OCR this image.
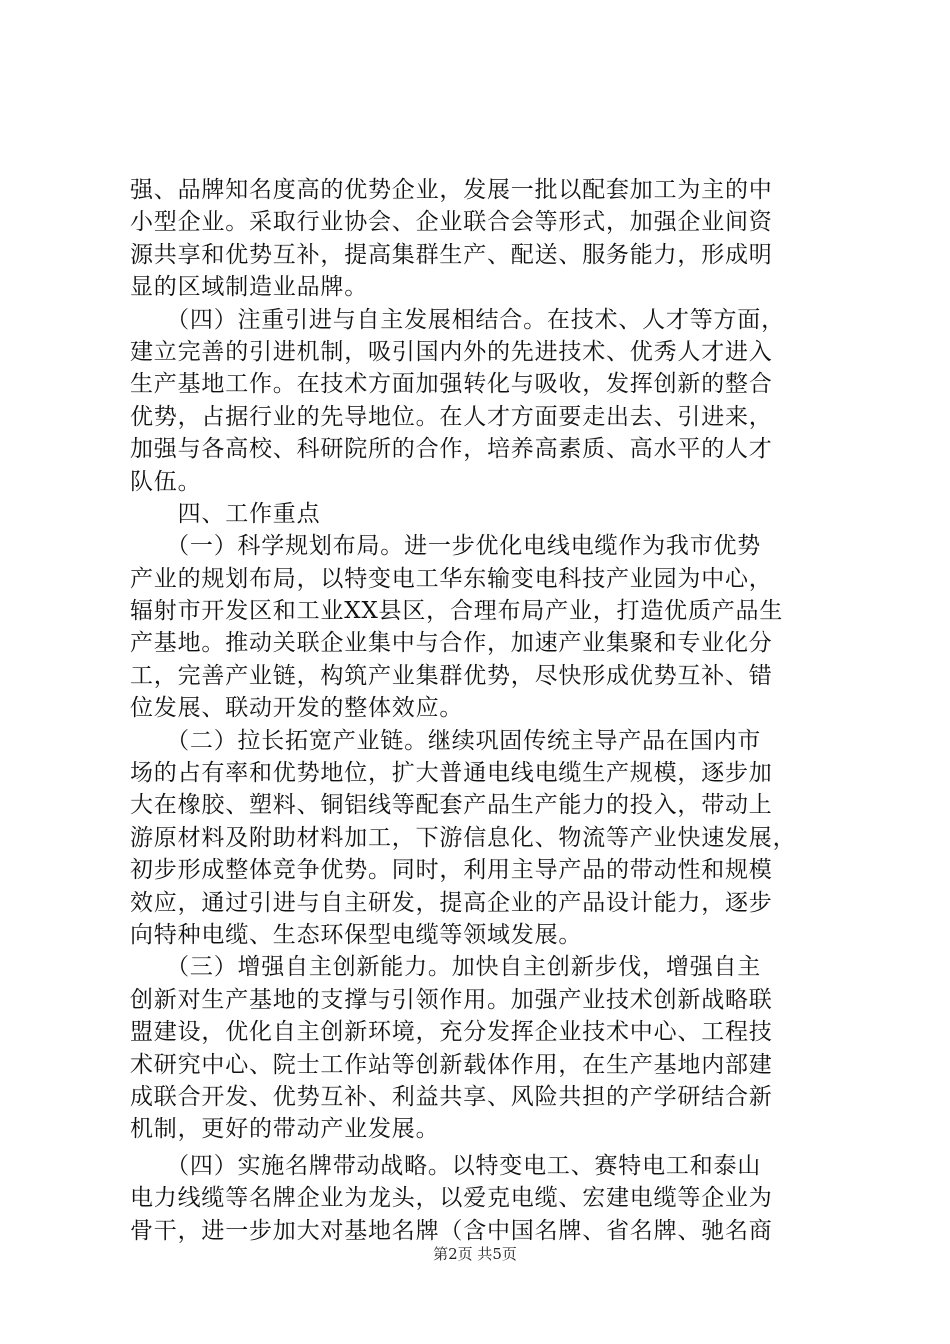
强、品牌知名度高的优势企业，发展一批以配套加工为主的中
小型企业。采取行业协会、企业联合会等形式，加强企业间资
源共享和优势互补，提高集群生产、配送、服务能力，形成明
显的区域制造业品牌。
　　（四）注重引进与自主发展相结合。在技术、人才等方面，
建立完善的引进机制，吸引国内外的先进技术、优秀人才进入
生产基地工作。在技术方面加强转化与吸收，发挥创新的整合
优势，占据行业的先导地位。在人才方面要走出去、引进来，
加强与各高校、科研院所的合作，培养高素质、高水平的人才
队伍。
　　四、工作重点
　　（一）科学规划布局。进一步优化电线电缆作为我市优势
产业的规划布局，以特变电工华东输变电科技产业园为中心，
辐射市开发区和工业XX县区，合理布局产业，打造优质产品生
产基地。推动关联企业集中与合作，加速产业集聚和专业化分
工，完善产业链，构筑产业集群优势，尽快形成优势互补、错
位发展、联动开发的整体效应。
　　（二）拉长拓宽产业链。继续巩固传统主导产品在国内市
场的占有率和优势地位，扩大普通电线电缆生产规模，逐步加
大在橡胶、塑料、铜铝线等配套产品生产能力的投入，带动上
游原材料及附助材料加工，下游信息化、物流等产业快速发展，
初步形成整体竞争优势。同时，利用主导产品的带动性和规模
效应，通过引进与自主研发，提高企业的产品设计能力，逐步
向特种电缆、生态环保型电缆等领域发展。
　　（三）增强自主创新能力。加快自主创新步伐，增强自主
创新对生产基地的支撑与引领作用。加强产业技术创新战略联
盟建设，优化自主创新环境，充分发挥企业技术中心、工程技
术研究中心、院士工作站等创新载体作用，在生产基地内部建
成联合开发、优势互补、利益共享、风险共担的产学研结合新
机制，更好的带动产业发展。
　　（四）实施名牌带动战略。以特变电工、赛特电工和泰山
电力线缆等名牌企业为龙头，以爱克电缆、宏建电缆等企业为
骨干，进一步加大对基地名牌（含中国名牌、省名牌、驰名商
第2页 共5页
